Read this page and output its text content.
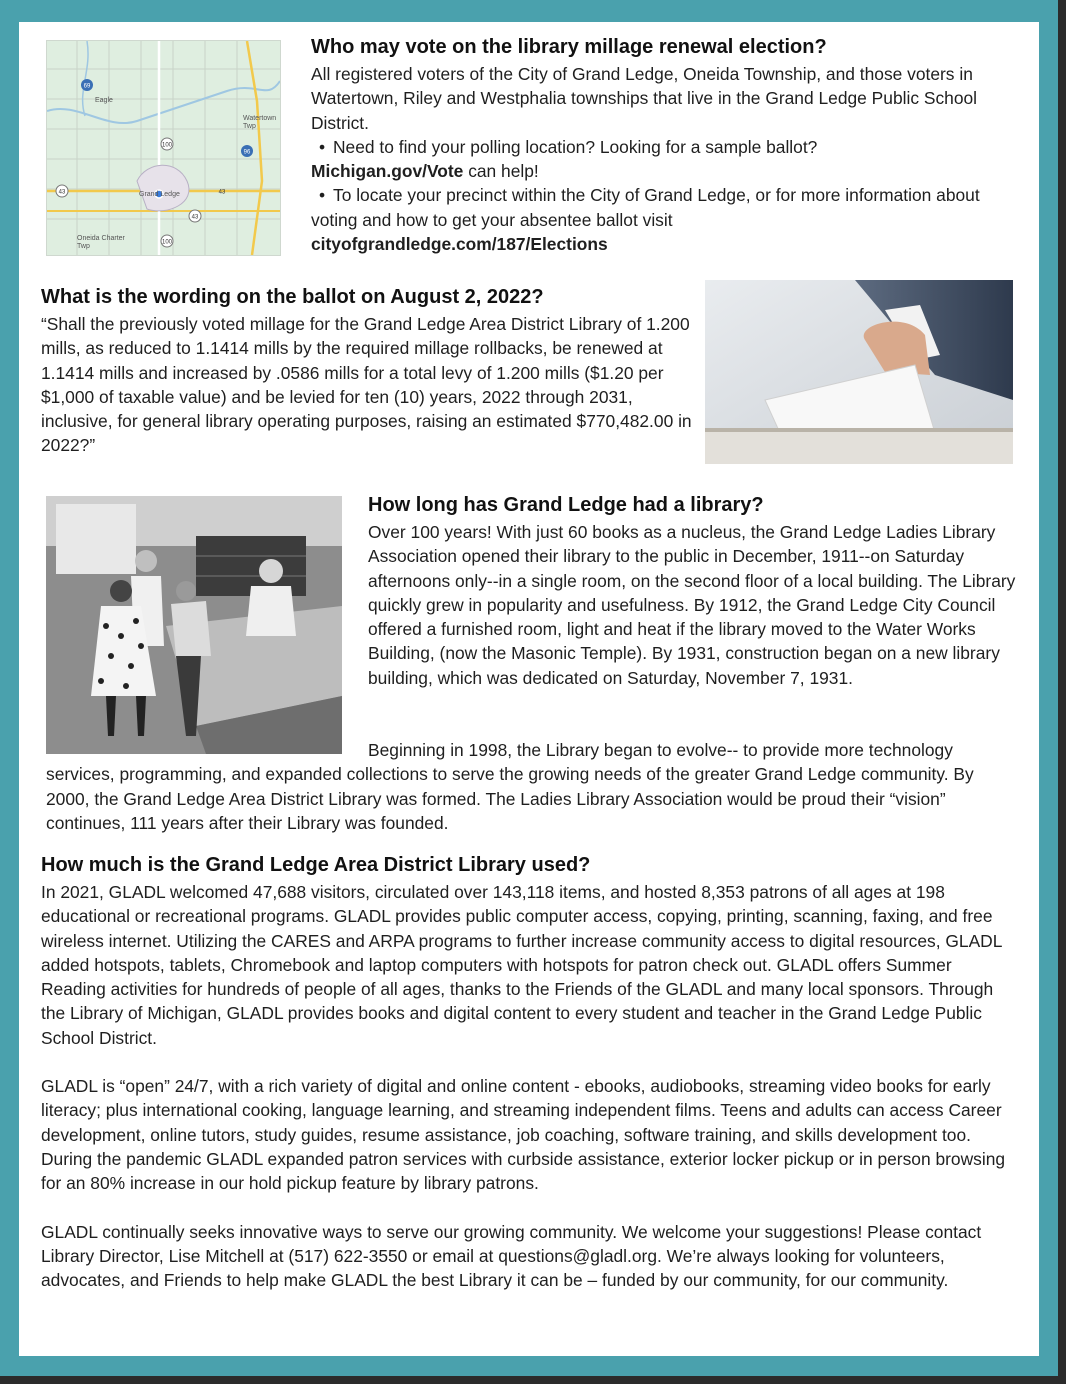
69
100
43
96
43
43
100
Eagle
Watertown Twp
Grand Ledge
Oneida Charter Twp
Who may vote on the library millage renewal election?

All registered voters of the City of Grand Ledge, Oneida Township, and those voters in Watertown, Riley and Westphalia townships that live in the Grand Ledge Public School District.

• Need to find your polling location? Looking for a sample ballot?

Michigan.gov/Vote can help!

• To locate your precinct within the City of Grand Ledge, or for more information about voting and how to get your absentee ballot visit

cityofgrandledge.com/187/Elections

What is the wording on the ballot on August 2, 2022?
“Shall the previously voted millage for the Grand Ledge Area District Library of 1.200 mills, as reduced to 1.1414 mills by the required millage rollbacks, be renewed at 1.1414 mills and increased by .0586 mills for a total levy of 1.200 mills ($1.20 per $1,000 of taxable value) and be levied for ten (10) years, 2022 through 2031, inclusive, for general library operating purposes, raising an estimated $770,482.00 in 2022?”
How long has Grand Ledge had a library?
Over 100 years! With just 60 books as a nucleus, the Grand Ledge Ladies Library Association opened their library to the public in December, 1911--on Saturday afternoons only--in a single room, on the second floor of a local building. The Library quickly grew in popularity and usefulness. By 1912, the Grand Ledge City Council offered a furnished room, light and heat if the library moved to the Water Works Building, (now the Masonic Temple). By 1931, construction began on a new library building, which was dedicated on Saturday, November 7, 1931.
Beginning in 1998, the Library began to evolve-- to provide more technology services, programming, and expanded collections to serve the growing needs of the greater Grand Ledge community. By 2000, the Grand Ledge Area District Library was formed. The Ladies Library Association would be proud their “vision” continues, 111 years after their Library was founded.
How much is the Grand Ledge Area District Library used?

In 2021, GLADL welcomed 47,688 visitors, circulated over 143,118 items, and hosted 8,353 patrons of all ages at 198 educational or recreational programs. GLADL provides public computer access, copying, printing, scanning, faxing, and free wireless internet. Utilizing the CARES and ARPA programs to further increase community access to digital resources, GLADL added hotspots, tablets, Chromebook and laptop computers with hotspots for patron check out. GLADL offers Summer Reading activities for hundreds of people of all ages, thanks to the Friends of the GLADL and many local sponsors. Through the Library of Michigan, GLADL provides books and digital content to every student and teacher in the Grand Ledge Public School District.

GLADL is “open” 24/7, with a rich variety of digital and online content - ebooks, audiobooks, streaming video books for early literacy; plus international cooking, language learning, and streaming independent films. Teens and adults can access Career development, online tutors, study guides, resume assistance, job coaching, software training, and skills development too. During the pandemic GLADL expanded patron services with curbside assistance, exterior locker pickup or in person browsing for an 80% increase in our hold pickup feature by library patrons.

GLADL continually seeks innovative ways to serve our growing community. We welcome your suggestions! Please contact Library Director, Lise Mitchell at (517) 622-3550 or email at questions@gladl.org. We’re always looking for volunteers, advocates, and Friends to help make GLADL the best Library it can be – funded by our community, for our community.
